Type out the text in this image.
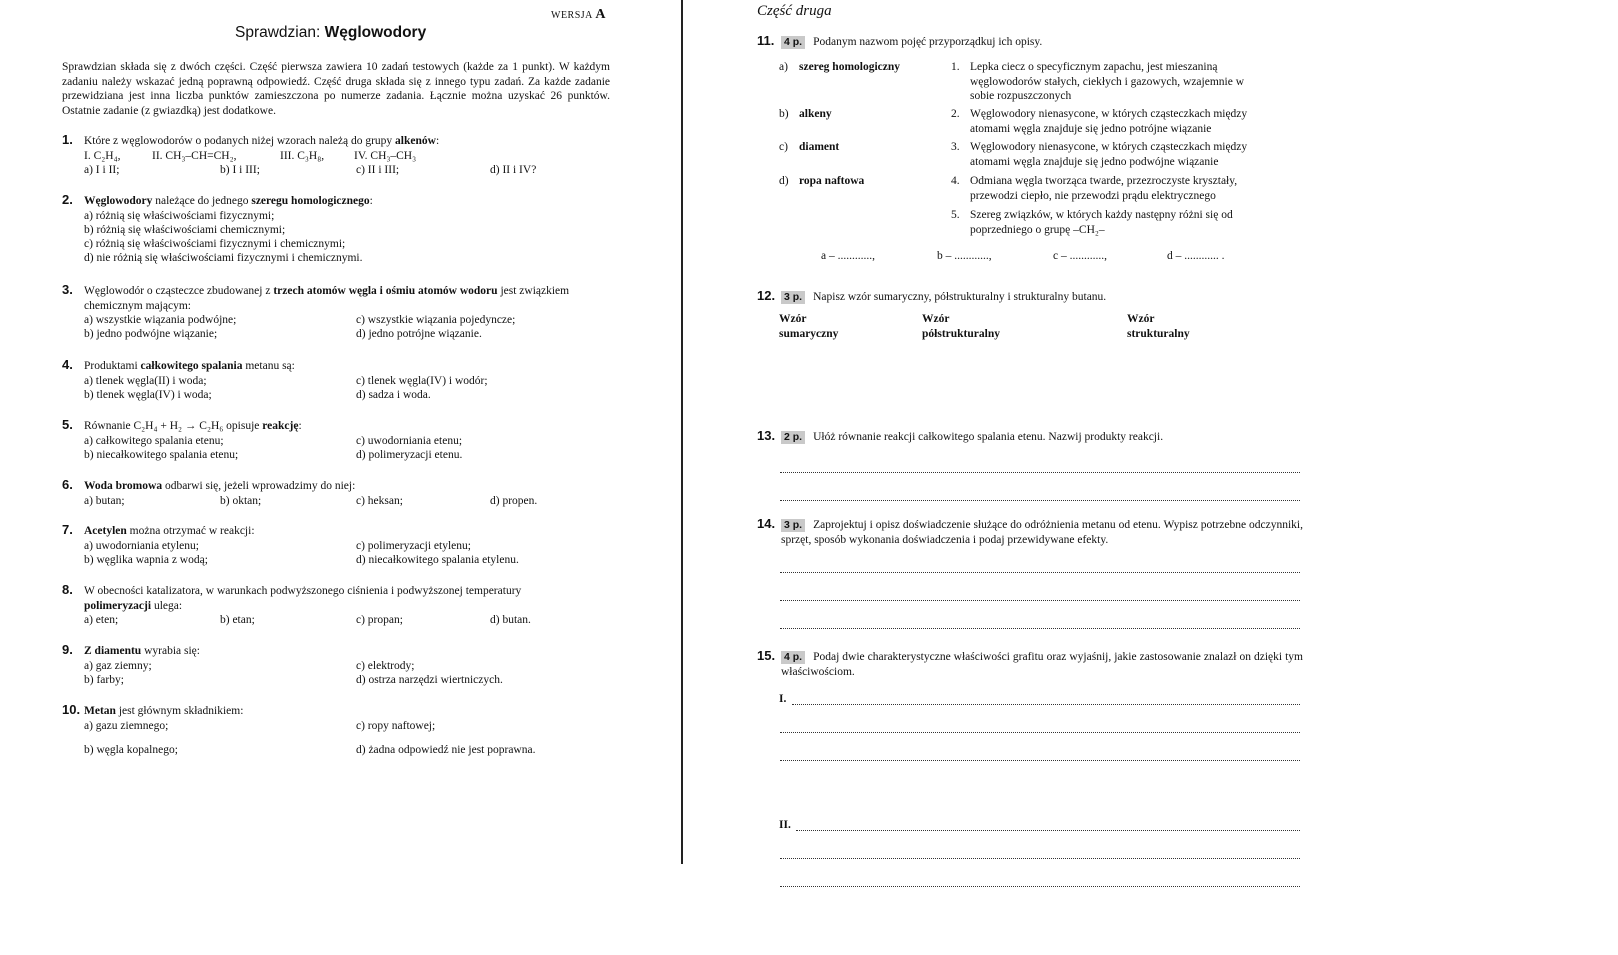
WERSJA A
Sprawdzian: Węglowodory
Sprawdzian składa się z dwóch części. Część pierwsza zawiera 10 zadań testowych (każde za 1 punkt). W każdym zadaniu należy wskazać jedną poprawną odpowiedź. Część druga składa się z innego typu zadań. Za każde zadanie przewidziana jest inna liczba punktów zamieszczona po numerze zadania. Łącznie można uzyskać 26 punktów. Ostatnie zadanie (z gwiazdką) jest dodatkowe.
1. Które z węglowodorów o podanych niżej wzorach należą do grupy alkenów:
I. C₂H₄,	II. CH₃–CH=CH₂,	III. C₃H₈,	IV. CH₃–CH₃
a) I i II;	b) I i III;	c) II i III;	d) II i IV?
2. Węglowodory należące do jednego szeregu homologicznego:
a) różnią się właściwościami fizycznymi;
b) różnią się właściwościami chemicznymi;
c) różnią się właściwościami fizycznymi i chemicznymi;
d) nie różnią się właściwościami fizycznymi i chemicznymi.
3. Węglowodór o cząsteczce zbudowanej z trzech atomów węgla i ośmiu atomów wodoru jest związkiem chemicznym mającym:
a) wszystkie wiązania podwójne;
b) jedno podwójne wiązanie;
c) wszystkie wiązania pojedyncze;
d) jedno potrójne wiązanie.
4. Produktami całkowitego spalania metanu są:
a) tlenek węgla(II) i woda;
b) tlenek węgla(IV) i woda;
c) tlenek węgla(IV) i wodór;
d) sadza i woda.
5. Równanie C₂H₄ + H₂ → C₂H₆ opisuje reakcję:
a) całkowitego spalania etenu;
b) niecałkowitego spalania etenu;
c) uwodorniania etenu;
d) polimeryzacji etenu.
6. Woda bromowa odbarwi się, jeżeli wprowadzimy do niej:
a) butan;	b) oktan;	c) heksan;	d) propen.
7. Acetylen można otrzymać w reakcji:
a) uwodorniania etylenu;
b) węglika wapnia z wodą;
c) polimeryzacji etylenu;
d) niecałkowitego spalania etylenu.
8. W obecności katalizatora, w warunkach podwyższonego ciśnienia i podwyższonej temperatury polimeryzacji ulega:
a) eten;	b) etan;	c) propan;	d) butan.
9. Z diamentu wyrabia się:
a) gaz ziemny;
b) farby;
c) elektrody;
d) ostrza narzędzi wiertniczych.
10. Metan jest głównym składnikiem:
a) gazu ziemnego;
b) węgla kopalnego;
c) ropy naftowej;
d) żadna odpowiedź nie jest poprawna.
Część druga
11. 4 p. Podanym nazwom pojęć przyporządkuj ich opisy.
a) szereg homologiczny
b) alkeny
c) diament
d) ropa naftowa
1. Lepka ciecz o specyficznym zapachu, jest mieszaniną węglowodorów stałych, ciekłych i gazowych, wzajemnie w sobie rozpuszczonych
2. Węglowodory nienasycone, w których cząsteczkach między atomami węgla znajduje się jedno potrójne wiązanie
3. Węglowodory nienasycone, w których cząsteczkach między atomami węgla znajduje się jedno podwójne wiązanie
4. Odmiana węgla tworząca twarde, przezroczyste kryształy, przewodzi ciepło, nie przewodzi prądu elektrycznego
5. Szereg związków, w których każdy następny różni się od poprzedniego o grupę –CH₂–
a – ............,	b – ............,	c – ............,	d – ............ .
12. 3 p. Napisz wzór sumaryczny, półstrukturalny i strukturalny butanu.
Wzór
sumaryczny
Wzór
półstrukturalny
Wzór
strukturalny
13. 2 p. Ułóż równanie reakcji całkowitego spalania etenu. Nazwij produkty reakcji.
14. 3 p. Zaprojektuj i opisz doświadczenie służące do odróżnienia metanu od etenu. Wypisz potrzebne odczynniki, sprzęt, sposób wykonania doświadczenia i podaj przewidywane efekty.
15. 4 p. Podaj dwie charakterystyczne właściwości grafitu oraz wyjaśnij, jakie zastosowanie znalazł on dzięki tym właściwościom.
I.
II.
